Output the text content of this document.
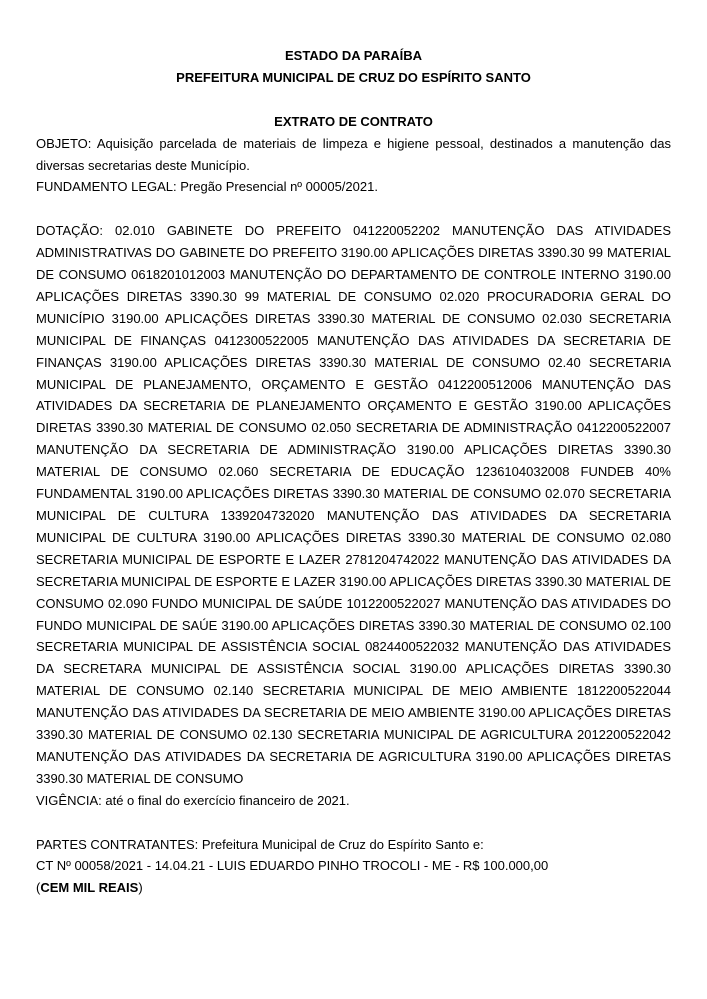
ESTADO DA PARAÍBA
PREFEITURA MUNICIPAL DE CRUZ DO ESPÍRITO SANTO
EXTRATO DE CONTRATO
OBJETO: Aquisição parcelada de materiais de limpeza e higiene pessoal, destinados a manutenção das diversas secretarias deste Município.
FUNDAMENTO LEGAL: Pregão Presencial nº 00005/2021.
DOTAÇÃO: 02.010 GABINETE DO PREFEITO 041220052202 MANUTENÇÃO DAS ATIVIDADES ADMINISTRATIVAS DO GABINETE DO PREFEITO 3190.00 APLICAÇÕES DIRETAS 3390.30 99 MATERIAL DE CONSUMO 0618201012003 MANUTENÇÃO DO DEPARTAMENTO DE CONTROLE INTERNO 3190.00 APLICAÇÕES DIRETAS 3390.30 99 MATERIAL DE CONSUMO 02.020 PROCURADORIA GERAL DO MUNICÍPIO 3190.00 APLICAÇÕES DIRETAS 3390.30 MATERIAL DE CONSUMO 02.030 SECRETARIA MUNICIPAL DE FINANÇAS 0412300522005 MANUTENÇÃO DAS ATIVIDADES DA SECRETARIA DE FINANÇAS 3190.00 APLICAÇÕES DIRETAS 3390.30 MATERIAL DE CONSUMO 02.40 SECRETARIA MUNICIPAL DE PLANEJAMENTO, ORÇAMENTO E GESTÃO 0412200512006 MANUTENÇÃO DAS ATIVIDADES DA SECRETARIA DE PLANEJAMENTO ORÇAMENTO E GESTÃO 3190.00 APLICAÇÕES DIRETAS 3390.30 MATERIAL DE CONSUMO 02.050 SECRETARIA DE ADMINISTRAÇÃO 0412200522007 MANUTENÇÃO DA SECRETARIA DE ADMINISTRAÇÃO 3190.00 APLICAÇÕES DIRETAS 3390.30 MATERIAL DE CONSUMO 02.060 SECRETARIA DE EDUCAÇÃO 1236104032008 FUNDEB 40% FUNDAMENTAL 3190.00 APLICAÇÕES DIRETAS 3390.30 MATERIAL DE CONSUMO 02.070 SECRETARIA MUNICIPAL DE CULTURA 1339204732020 MANUTENÇÃO DAS ATIVIDADES DA SECRETARIA MUNICIPAL DE CULTURA 3190.00 APLICAÇÕES DIRETAS 3390.30 MATERIAL DE CONSUMO 02.080 SECRETARIA MUNICIPAL DE ESPORTE E LAZER 2781204742022 MANUTENÇÃO DAS ATIVIDADES DA SECRETARIA MUNICIPAL DE ESPORTE E LAZER 3190.00 APLICAÇÕES DIRETAS 3390.30 MATERIAL DE CONSUMO 02.090 FUNDO MUNICIPAL DE SAÚDE 1012200522027 MANUTENÇÃO DAS ATIVIDADES DO FUNDO MUNICIPAL DE SAÚE 3190.00 APLICAÇÕES DIRETAS 3390.30 MATERIAL DE CONSUMO 02.100 SECRETARIA MUNICIPAL DE ASSISTÊNCIA SOCIAL 0824400522032 MANUTENÇÃO DAS ATIVIDADES DA SECRETARA MUNICIPAL DE ASSISTÊNCIA SOCIAL 3190.00 APLICAÇÕES DIRETAS 3390.30 MATERIAL DE CONSUMO 02.140 SECRETARIA MUNICIPAL DE MEIO AMBIENTE 1812200522044 MANUTENÇÃO DAS ATIVIDADES DA SECRETARIA DE MEIO AMBIENTE 3190.00 APLICAÇÕES DIRETAS 3390.30 MATERIAL DE CONSUMO 02.130 SECRETARIA MUNICIPAL DE AGRICULTURA 2012200522042 MANUTENÇÃO DAS ATIVIDADES DA SECRETARIA DE AGRICULTURA 3190.00 APLICAÇÕES DIRETAS 3390.30 MATERIAL DE CONSUMO
VIGÊNCIA: até o final do exercício financeiro de 2021.
PARTES CONTRATANTES: Prefeitura Municipal de Cruz do Espírito Santo e:
CT Nº 00058/2021 - 14.04.21 - LUIS EDUARDO PINHO TROCOLI - ME - R$ 100.000,00
(CEM MIL REAIS)
